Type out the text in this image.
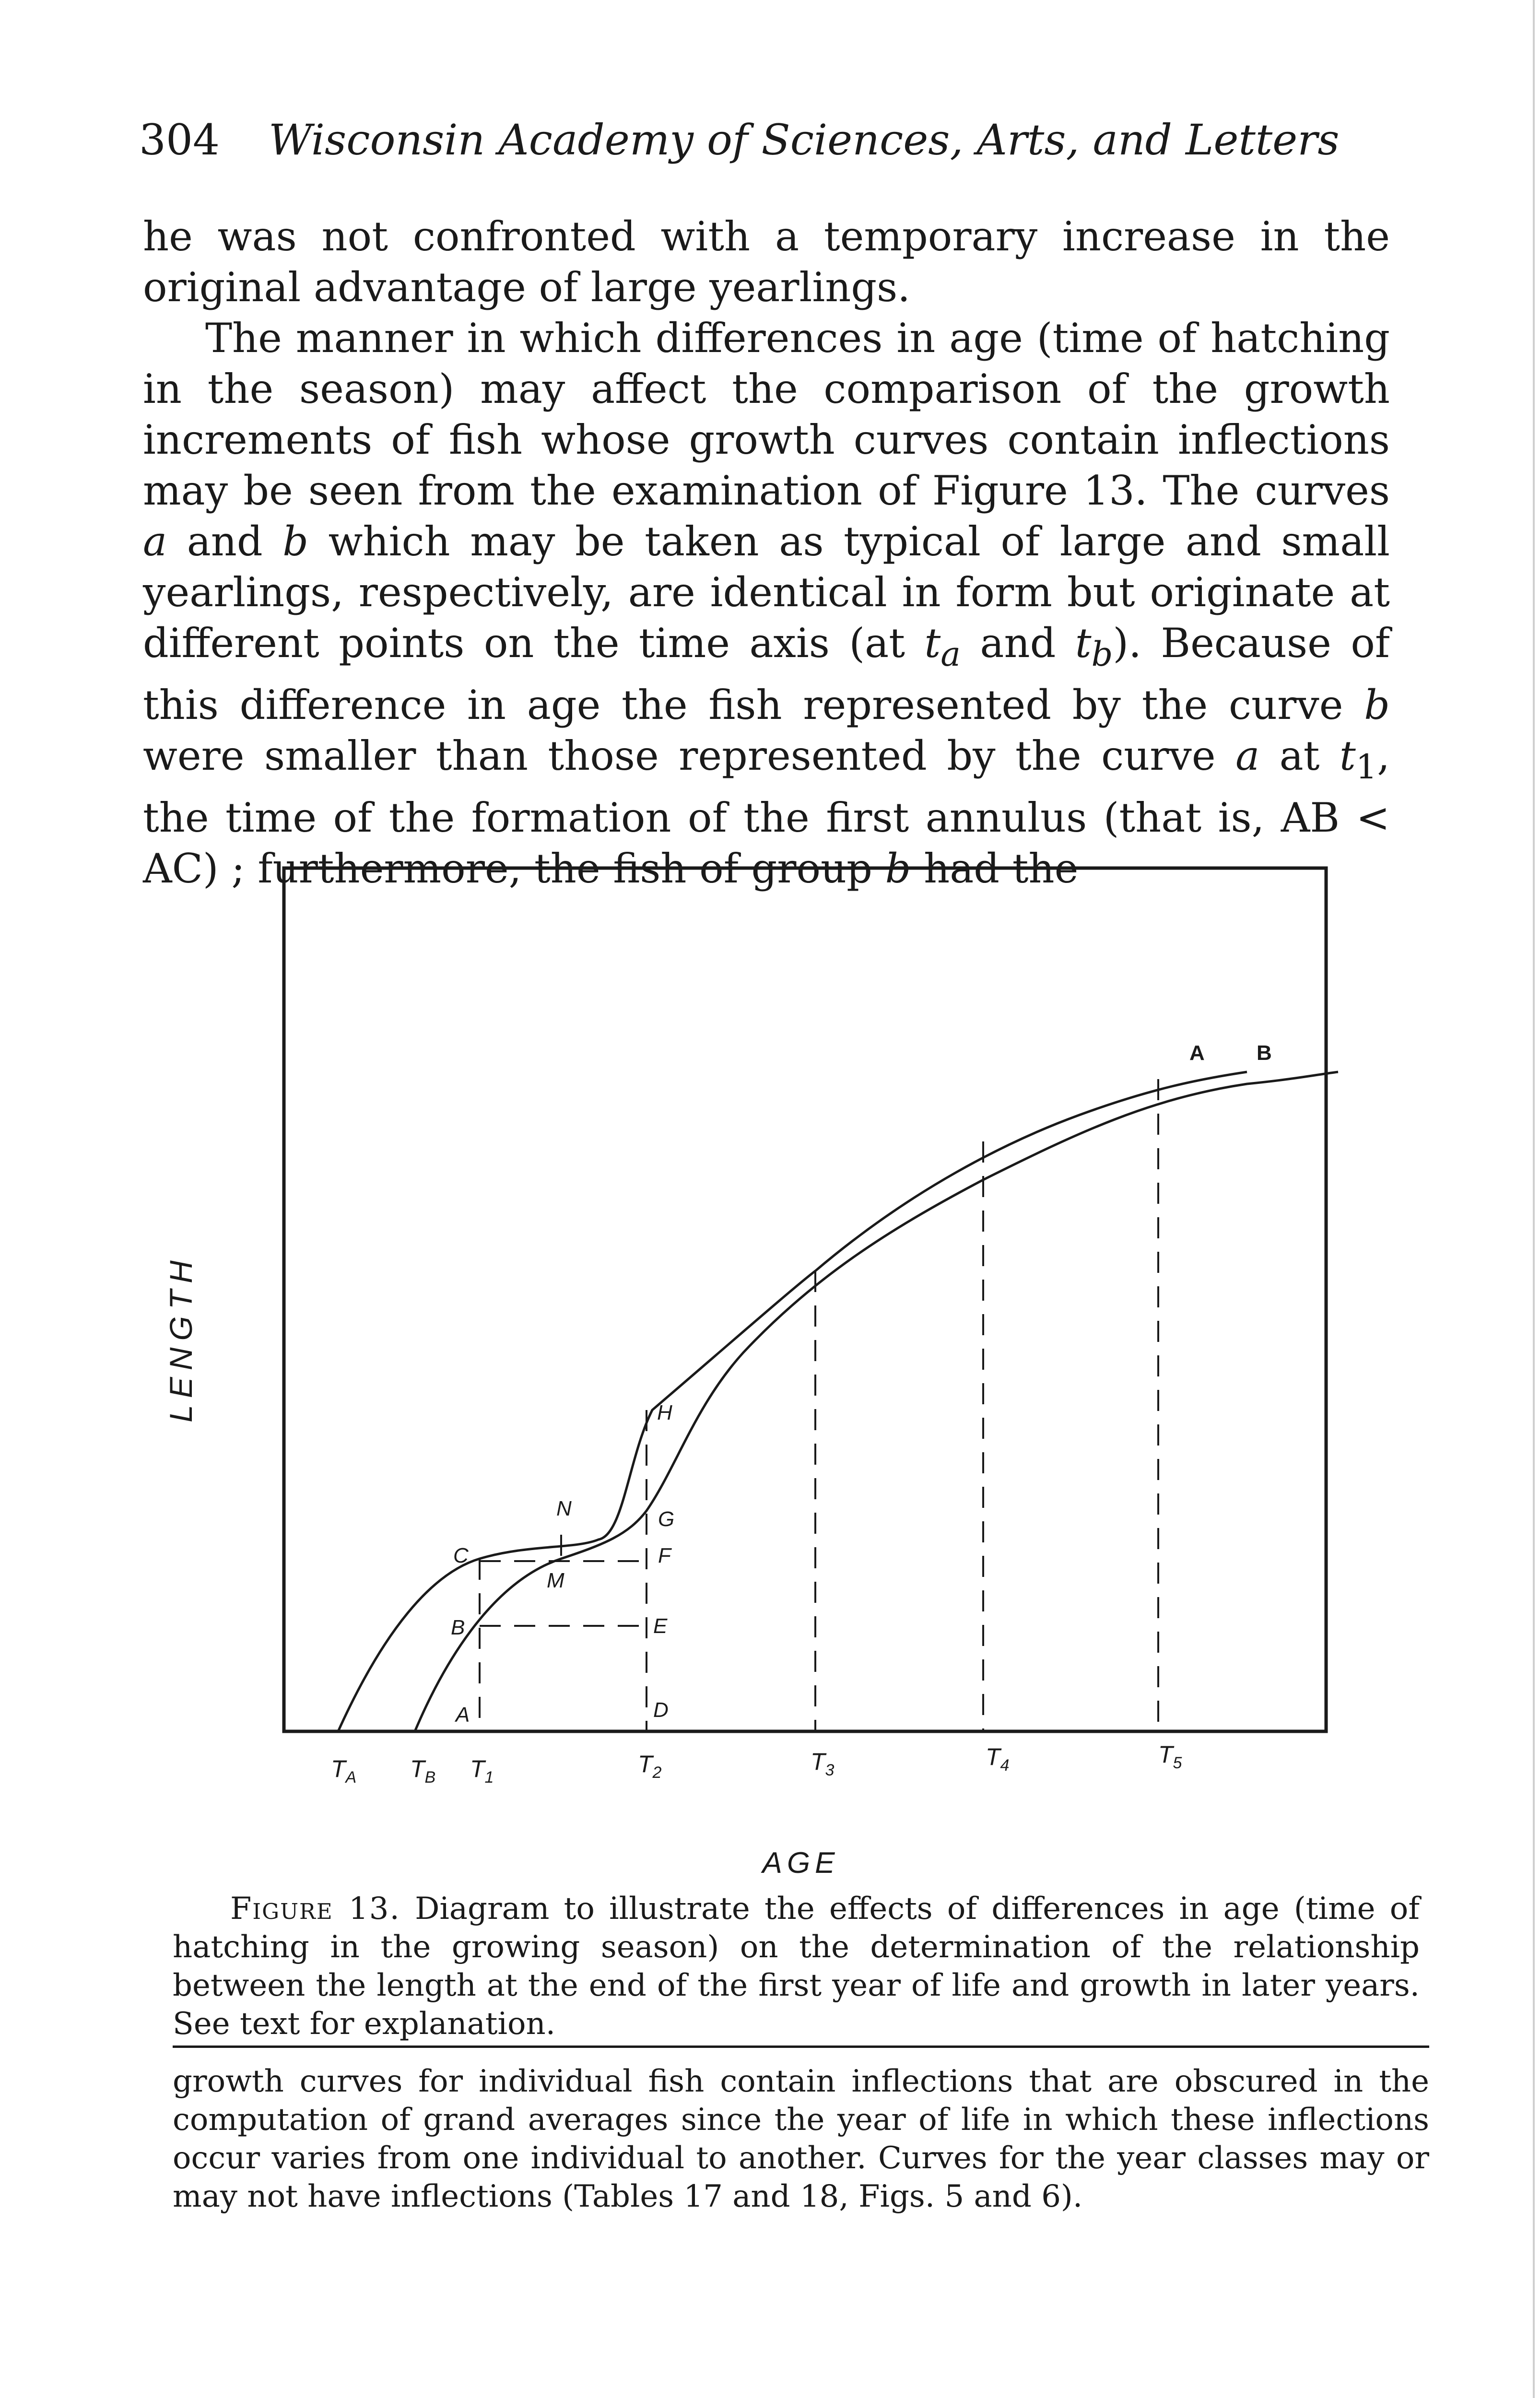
304 Wisconsin Academy of Sciences, Arts, and Letters

he was not confronted with a temporary increase in the original advantage of large yearlings.

The manner in which differences in age (time of hatching in the season) may affect the comparison of the growth increments of fish whose growth curves contain inflections may be seen from the examination of Figure 13. The curves a and b which may be taken as typical of large and small yearlings, respectively, are identical in form but originate at different points on the time axis (at $t_a$ and $t_b$). Because of this difference in age the fish represented by the curve b were smaller than those represented by the curve a at $t_1$, the time of the formation of the first annulus (that is, AB < AC) ; furthermore, the fish of group b had the

LENGTH
A B
A
B
C
D
E
F
G
H
M
N
$T_A$ $T_B$ $T_1$	$T_2$	$T_3$	$T_4$	$T_5$
AGE
Figure 13. Diagram to illustrate the effects of differences in age (time of hatching in the growing season) on the determination of the relationship between the length at the end of the first year of life and growth in later years. See text for explanation.
growth curves for individual fish contain inflections that are obscured in the computation of grand averages since the year of life in which these inflections occur varies from one individual to another. Curves for the year classes may or may not have inflections (Tables 17 and 18, Figs. 5 and 6).
